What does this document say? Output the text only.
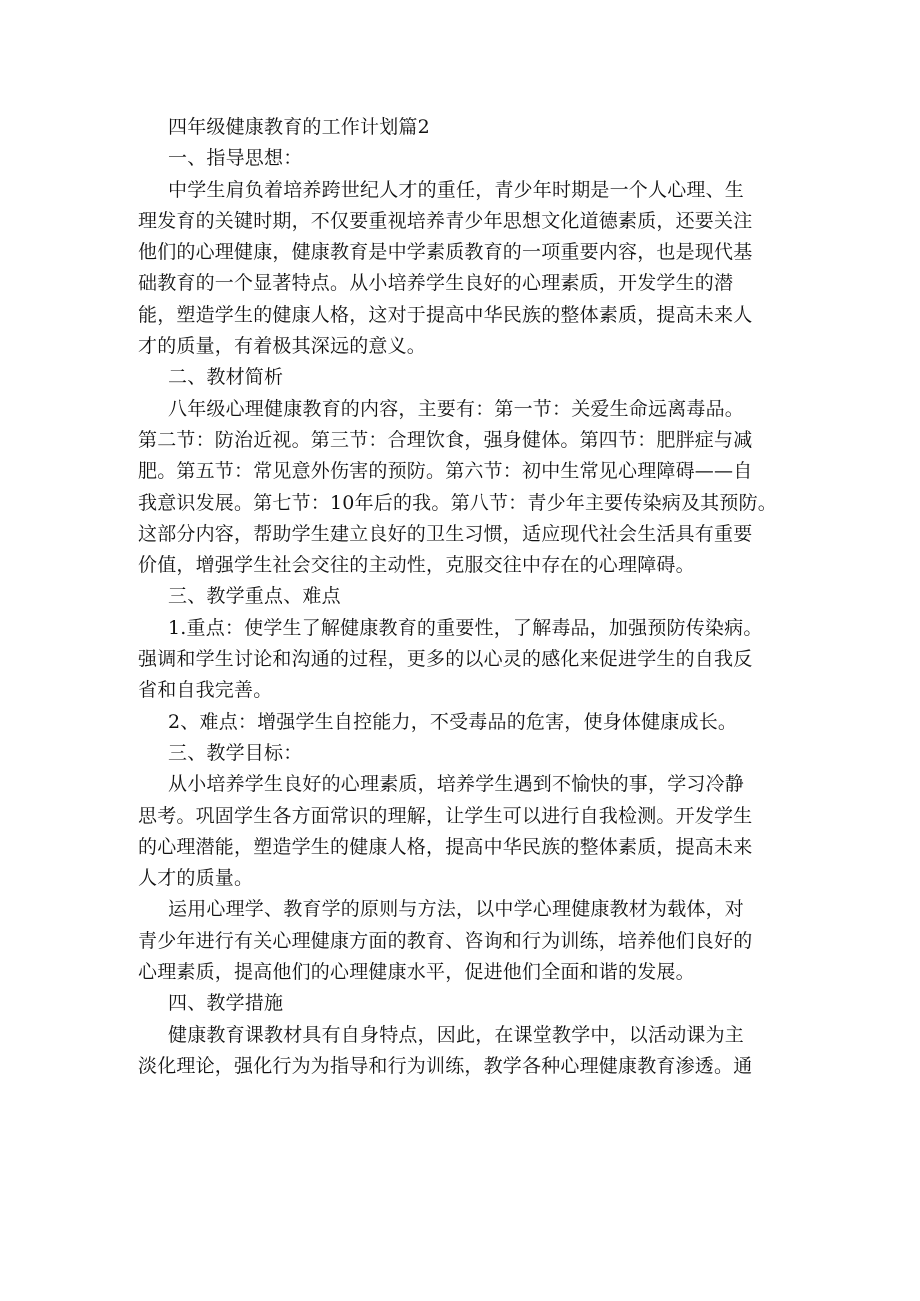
四年级健康教育的工作计划篇2
一、指导思想：
中学生肩负着培养跨世纪人才的重任，青少年时期是一个人心理、生
理发育的关键时期，不仅要重视培养青少年思想文化道德素质，还要关注
他们的心理健康，健康教育是中学素质教育的一项重要内容，也是现代基
础教育的一个显著特点。从小培养学生良好的心理素质，开发学生的潜
能，塑造学生的健康人格，这对于提高中华民族的整体素质，提高未来人
才的质量，有着极其深远的意义。
二、教材简析
八年级心理健康教育的内容，主要有：第一节：关爱生命远离毒品。
第二节：防治近视。第三节：合理饮食，强身健体。第四节：肥胖症与减
肥。第五节：常见意外伤害的预防。第六节：初中生常见心理障碍——自
我意识发展。第七节：10年后的我。第八节：青少年主要传染病及其预防。
这部分内容，帮助学生建立良好的卫生习惯，适应现代社会生活具有重要
价值，增强学生社会交往的主动性，克服交往中存在的心理障碍。
三、教学重点、难点
1.重点：使学生了解健康教育的重要性，了解毒品，加强预防传染病。
强调和学生讨论和沟通的过程，更多的以心灵的感化来促进学生的自我反
省和自我完善。
2、难点：增强学生自控能力，不受毒品的危害，使身体健康成长。
三、教学目标：
从小培养学生良好的心理素质，培养学生遇到不愉快的事，学习冷静
思考。巩固学生各方面常识的理解，让学生可以进行自我检测。开发学生
的心理潜能，塑造学生的健康人格，提高中华民族的整体素质，提高未来
人才的质量。
运用心理学、教育学的原则与方法，以中学心理健康教材为载体，对
青少年进行有关心理健康方面的教育、咨询和行为训练，培养他们良好的
心理素质，提高他们的心理健康水平，促进他们全面和谐的发展。
四、教学措施
健康教育课教材具有自身特点，因此，在课堂教学中，以活动课为主
淡化理论，强化行为为指导和行为训练，教学各种心理健康教育渗透。通
